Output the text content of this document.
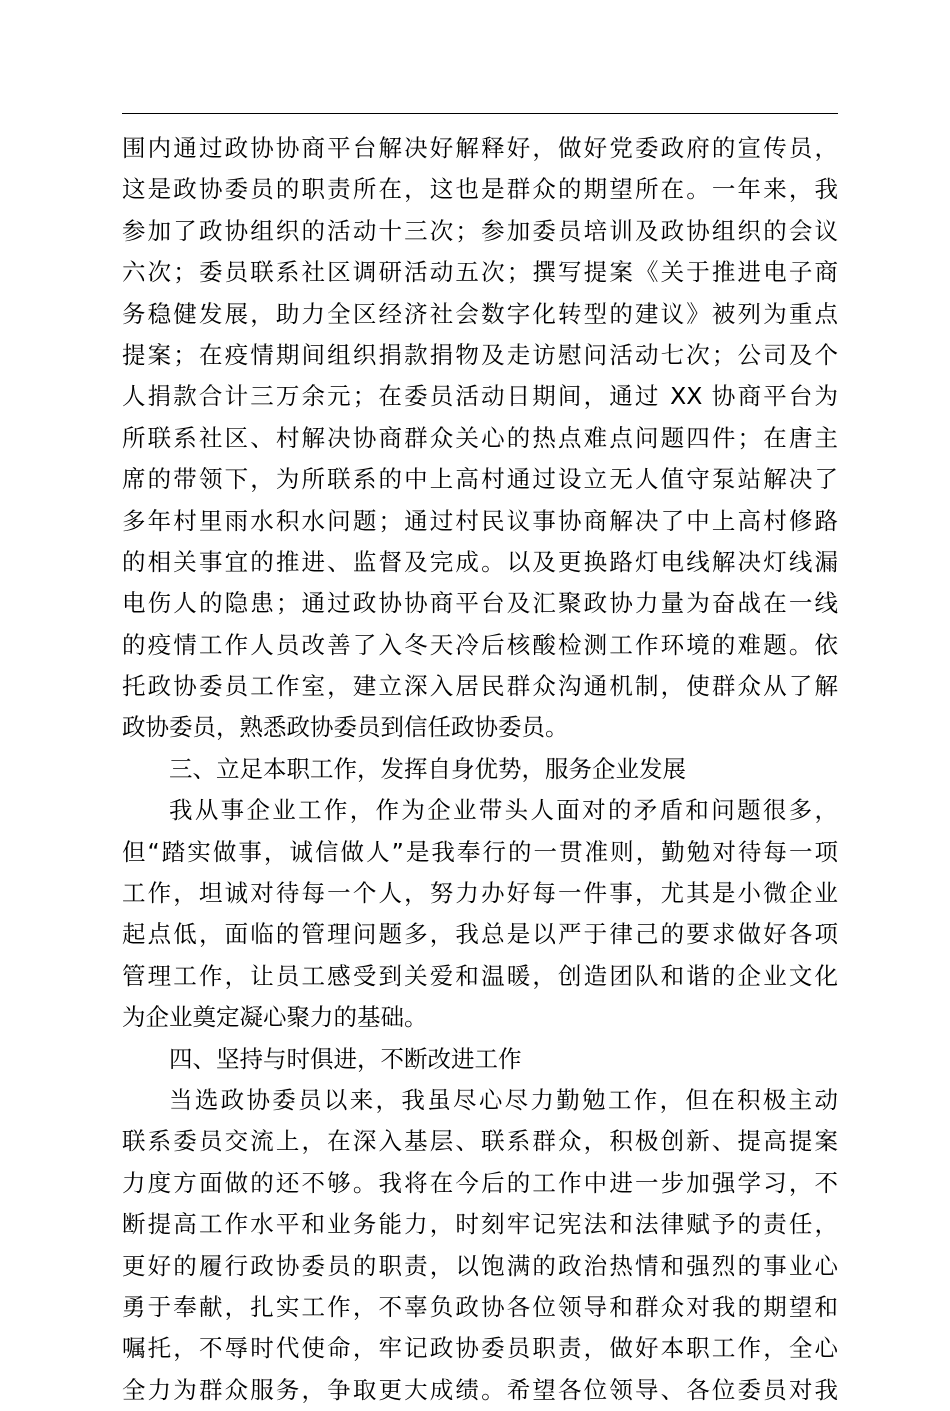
围内通过政协协商平台解决好解释好，做好党委政府的宣传员，
这是政协委员的职责所在，这也是群众的期望所在。一年来，我
参加了政协组织的活动十三次；参加委员培训及政协组织的会议
六次；委员联系社区调研活动五次；撰写提案《关于推进电子商
务稳健发展，助力全区经济社会数字化转型的建议》被列为重点
提案；在疫情期间组织捐款捐物及走访慰问活动七次；公司及个
人捐款合计三万余元；在委员活动日期间，通过 XX 协商平台为
所联系社区、村解决协商群众关心的热点难点问题四件；在唐主
席的带领下，为所联系的中上高村通过设立无人值守泵站解决了
多年村里雨水积水问题；通过村民议事协商解决了中上高村修路
的相关事宜的推进、监督及完成。以及更换路灯电线解决灯线漏
电伤人的隐患；通过政协协商平台及汇聚政协力量为奋战在一线
的疫情工作人员改善了入冬天冷后核酸检测工作环境的难题。依
托政协委员工作室，建立深入居民群众沟通机制，使群众从了解
政协委员，熟悉政协委员到信任政协委员。
三、立足本职工作，发挥自身优势，服务企业发展
我从事企业工作，作为企业带头人面对的矛盾和问题很多，
但“踏实做事，诚信做人”是我奉行的一贯准则，勤勉对待每一项
工作，坦诚对待每一个人，努力办好每一件事，尤其是小微企业
起点低，面临的管理问题多，我总是以严于律己的要求做好各项
管理工作，让员工感受到关爱和温暖，创造团队和谐的企业文化
为企业奠定凝心聚力的基础。
四、坚持与时俱进，不断改进工作
当选政协委员以来，我虽尽心尽力勤勉工作，但在积极主动
联系委员交流上，在深入基层、联系群众，积极创新、提高提案
力度方面做的还不够。我将在今后的工作中进一步加强学习，不
断提高工作水平和业务能力，时刻牢记宪法和法律赋予的责任，
更好的履行政协委员的职责，以饱满的政治热情和强烈的事业心
勇于奉献，扎实工作，不辜负政协各位领导和群众对我的期望和
嘱托，不辱时代使命，牢记政协委员职责，做好本职工作，全心
全力为群众服务，争取更大成绩。希望各位领导、各位委员对我
